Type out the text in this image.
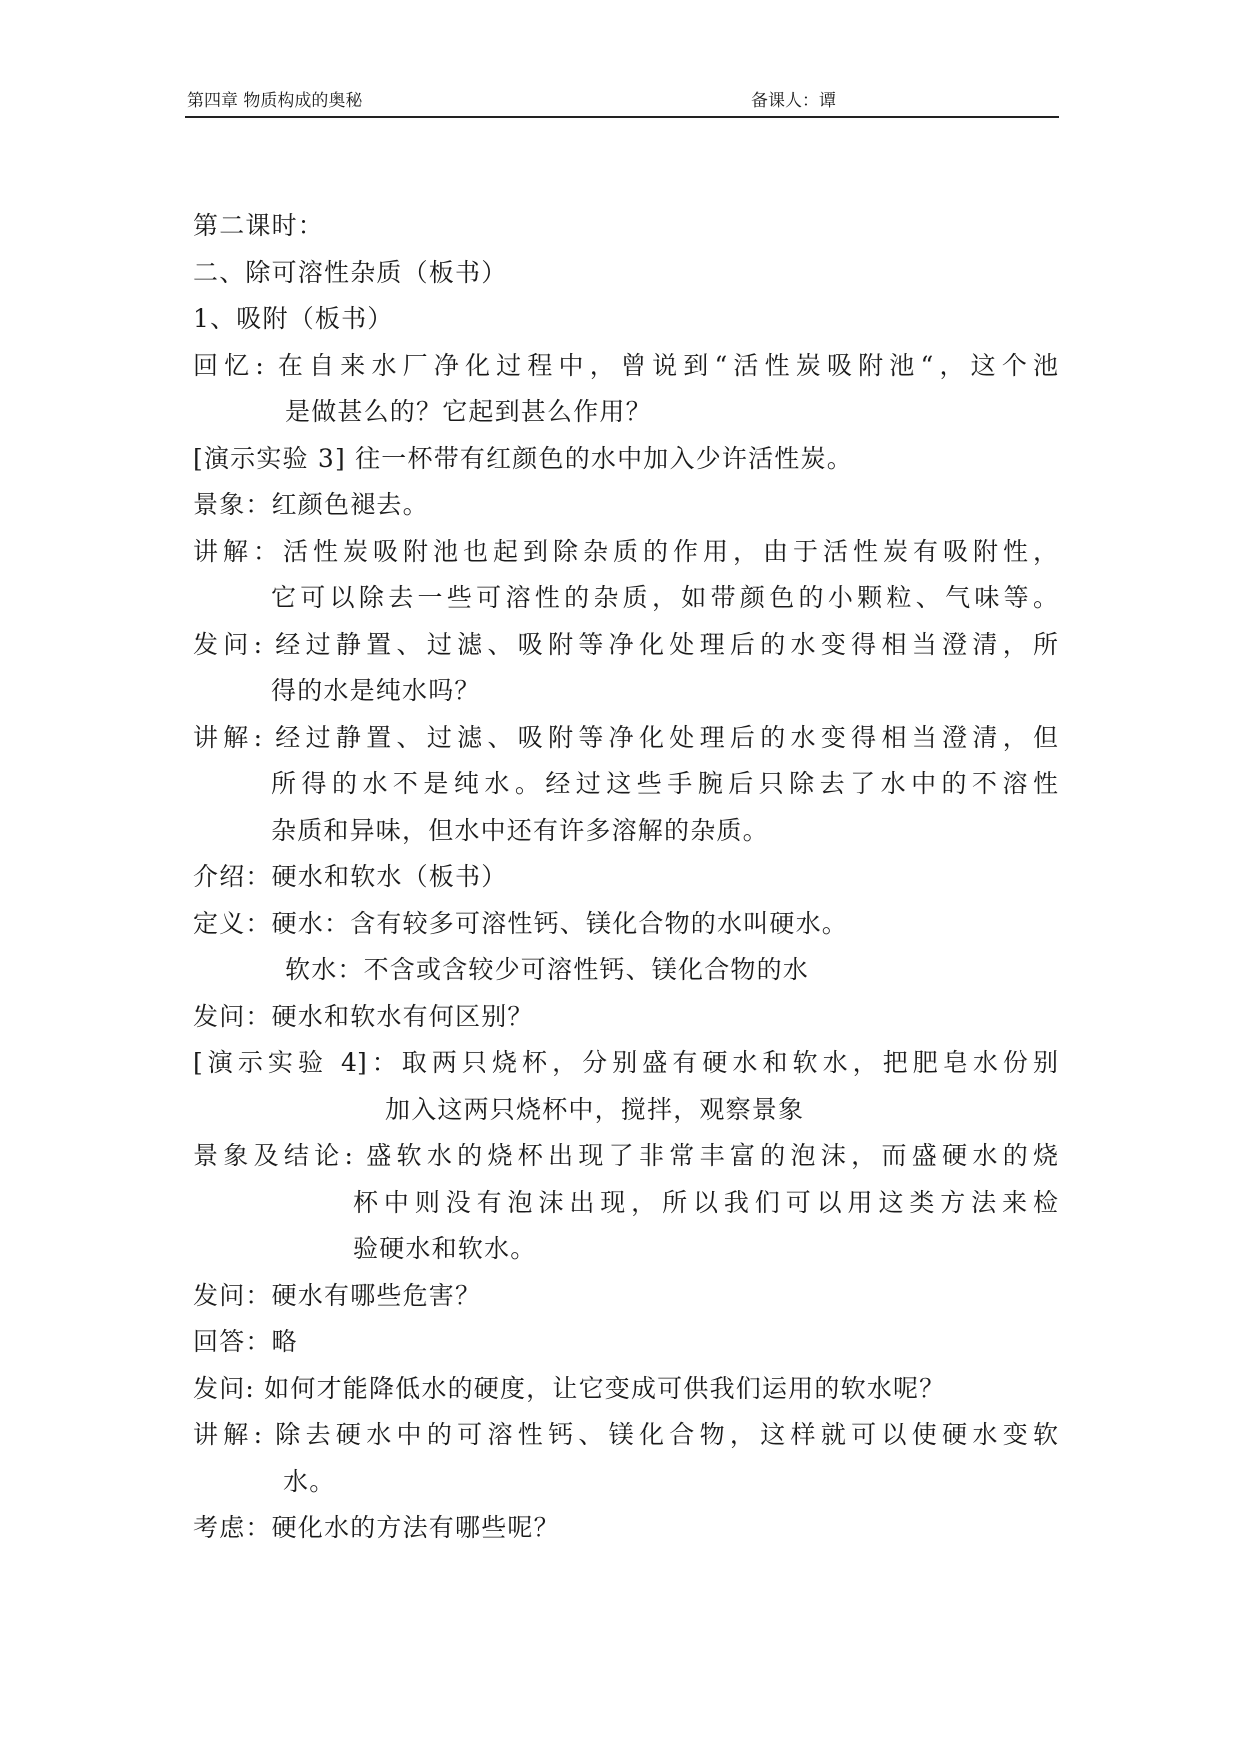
第四章 物质构成的奥秘	备课人：谭
第二课时：
二、除可溶性杂质（板书）
1、吸附（板书）
回忆: 在自来水厂净化过程中，曾说到“活性炭吸附池“，这个池
是做甚么的？它起到甚么作用？
[演示实验 3] 往一杯带有红颜色的水中加入少许活性炭。
景象：红颜色褪去。
讲解：活性炭吸附池也起到除杂质的作用，由于活性炭有吸附性，
它可以除去一些可溶性的杂质，如带颜色的小颗粒、气味等。
发问: 经过静置、过滤、吸附等净化处理后的水变得相当澄清，所
得的水是纯水吗？
讲解: 经过静置、过滤、吸附等净化处理后的水变得相当澄清，但
所得的水不是纯水。经过这些手腕后只除去了水中的不溶性
杂质和异味，但水中还有许多溶解的杂质。
介绍：硬水和软水（板书）
定义：硬水：含有较多可溶性钙、镁化合物的水叫硬水。
软水：不含或含较少可溶性钙、镁化合物的水
发问：硬水和软水有何区别？
[演示实验 4]：取两只烧杯，分别盛有硬水和软水，把肥皂水份别
加入这两只烧杯中，搅拌，观察景象
景象及结论: 盛软水的烧杯出现了非常丰富的泡沫，而盛硬水的烧
杯中则没有泡沫出现，所以我们可以用这类方法来检
验硬水和软水。
发问：硬水有哪些危害？
回答：略
发问: 如何才能降低水的硬度，让它变成可供我们运用的软水呢？
讲解: 除去硬水中的可溶性钙、镁化合物，这样就可以使硬水变软
水。
考虑：硬化水的方法有哪些呢？
